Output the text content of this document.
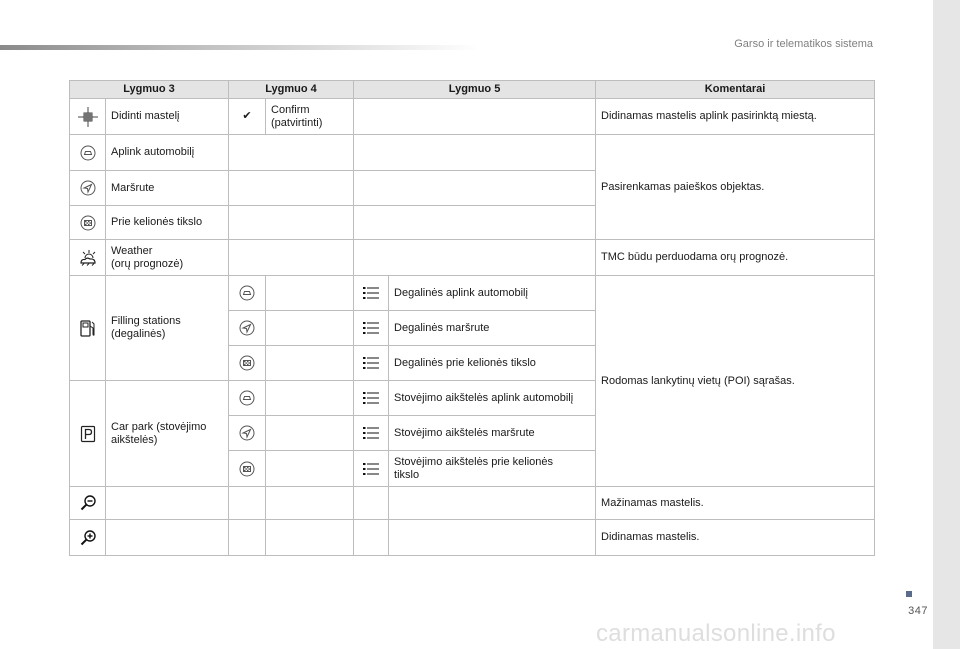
Garso ir telematikos sistema
Lygmuo 3		Lygmuo 4		Lygmuo 5		Komentarai
	Didinti mastelį	✔	Confirm
(patvirtinti)			Didinamas mastelis aplink pasirinktą miestą.
	Aplink automobilį					Pasirenkamas paieškos objektas.
	Maršrute					
	Prie kelionės tikslo					
	Weather
(orų prognozė)					TMC būdu perduodama orų prognozė.
	Filling stations
(degalinės)				Degalinės aplink automobilį	Rodomas lankytinų vietų (POI) sąrašas.
			Degalinės maršrute	
			Degalinės prie kelionės tikslo	
	Car park (stovėjimo
aikštelės)				Stovėjimo aikštelės aplink automobilį	
			Stovėjimo aikštelės maršrute	
			Stovėjimo aikštelės prie kelionės
tikslo	
						Mažinamas mastelis.
						Didinamas mastelis.
347
carmanualsonline.info
